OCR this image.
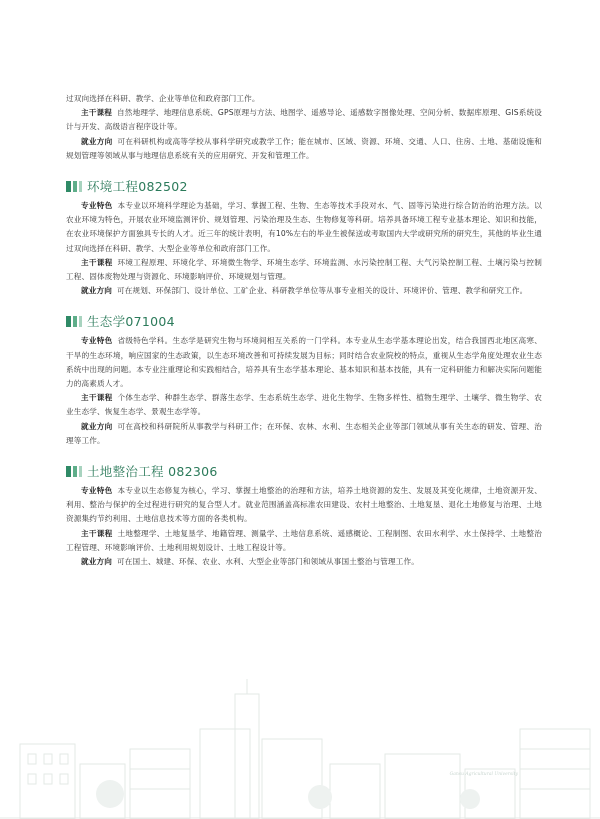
过双向选择在科研、教学、企业等单位和政府部门工作。

主干课程 自然地理学、地理信息系统、GPS原理与方法、地图学、遥感导论、遥感数字图像处理、空间分析、数据库原理、GIS系统设计与开发、高级语言程序设计等。

就业方向 可在科研机构或高等学校从事科学研究或教学工作；能在城市、区域、资源、环境、交通、人口、住房、土地、基础设施和规划管理等领域从事与地理信息系统有关的应用研究、开发和管理工作。

环境工程082502

专业特色 本专业以环境科学理论为基础，学习、掌握工程、生物、生态等技术手段对水、气、固等污染进行综合防治的治理方法。以农业环境为特色，开展农业环境监测评价、规划管理、污染治理及生态、生物修复等科研。培养具备环境工程专业基本理论、知识和技能，在农业环境保护方面独具专长的人才。近三年的统计表明，有10%左右的毕业生被保送或考取国内大学或研究所的研究生，其他的毕业生通过双向选择在科研、教学、大型企业等单位和政府部门工作。

主干课程 环境工程原理、环境化学、环境微生物学、环境生态学、环境监测、水污染控制工程、大气污染控制工程、土壤污染与控制工程、固体废物处理与资源化、环境影响评价、环境规划与管理。

就业方向 可在规划、环保部门、设计单位、工矿企业、科研教学单位等从事专业相关的设计、环境评价、管理、教学和研究工作。

生态学071004

专业特色 省级特色学科。生态学是研究生物与环境间相互关系的一门学科。本专业从生态学基本理论出发，结合我国西北地区高寒、干旱的生态环境，响应国家的生态政策，以生态环境改善和可持续发展为目标；同时结合农业院校的特点，重视从生态学角度处理农业生态系统中出现的问题。本专业注重理论和实践相结合，培养具有生态学基本理论、基本知识和基本技能，具有一定科研能力和解决实际问题能力的高素质人才。

主干课程 个体生态学、种群生态学、群落生态学、生态系统生态学、进化生物学、生物多样性、植物生理学、土壤学、微生物学、农业生态学、恢复生态学、景观生态学等。

就业方向 可在高校和科研院所从事教学与科研工作；在环保、农林、水利、生态相关企业等部门领域从事有关生态的研发、管理、治理等工作。

土地整治工程 082306

专业特色 本专业以生态修复为核心，学习、掌握土地整治的治理和方法，培养土地资源的发生、发展及其变化规律，土地资源开发、利用、整治与保护的全过程进行研究的复合型人才。就业范围涵盖高标准农田建设、农村土地整治、土地复垦、退化土地修复与治理、土地资源集约节约利用、土地信息技术等方面的各类机构。

主干课程 土地整理学、土地复垦学、地籍管理、测量学、土地信息系统、遥感概论、工程制图、农田水利学、水土保持学、土地整治工程管理、环境影响评价、土地利用规划设计、土地工程设计等。

就业方向 可在国土、城建、环保、农业、水利、大型企业等部门和领域从事国土整治与管理工作。

Gansu Agricultural University
